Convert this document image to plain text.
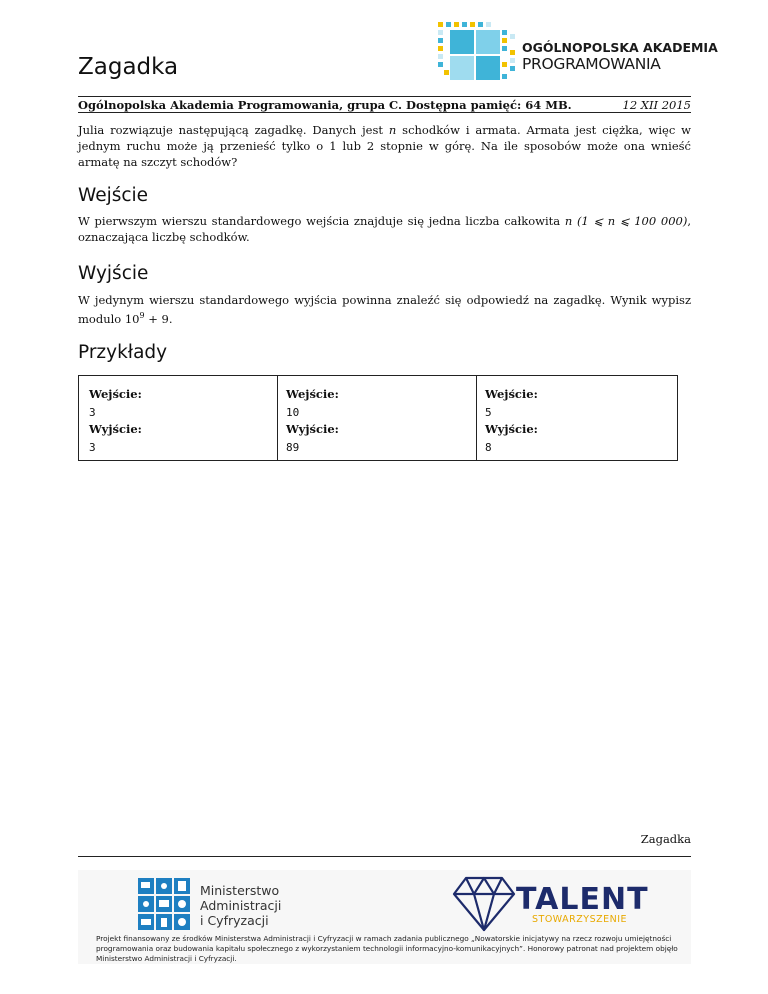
Zagadka
OGÓLNOPOLSKA AKADEMIA
PROGRAMOWANIA
Ogólnopolska Akademia Programowania, grupa C. Dostępna pamięć: 64 MB.	12 XII 2015
Julia rozwiązuje następującą zagadkę. Danych jest n schodków i armata. Armata jest ciężka, więc w jednym ruchu może ją przenieść tylko o 1 lub 2 stopnie w górę. Na ile sposobów może ona wnieść armatę na szczyt schodów?
Wejście
W pierwszym wierszu standardowego wejścia znajduje się jedna liczba całkowita n (1 ⩽ n ⩽ 100 000), oznaczająca liczbę schodków.
Wyjście
W jedynym wierszu standardowego wyjścia powinna znaleźć się odpowiedź na zagadkę. Wynik wypisz modulo $10^9 + 9$.
Przykłady
Wejście:
3
Wyjście:
3
Wejście:
10
Wyjście:
89
Wejście:
5
Wyjście:
8
Zagadka
Ministerstwo
Administracji
i Cyfryzacji
TALENT
STOWARZYSZENIE
Projekt finansowany ze środków Ministerstwa Administracji i Cyfryzacji w ramach zadania publicznego „Nowatorskie inicjatywy na rzecz rozwoju umiejętności programowania oraz budowania kapitału społecznego z wykorzystaniem technologii informacyjno-komunikacyjnych”. Honorowy patronat nad projektem objęło Ministerstwo Administracji i Cyfryzacji.
